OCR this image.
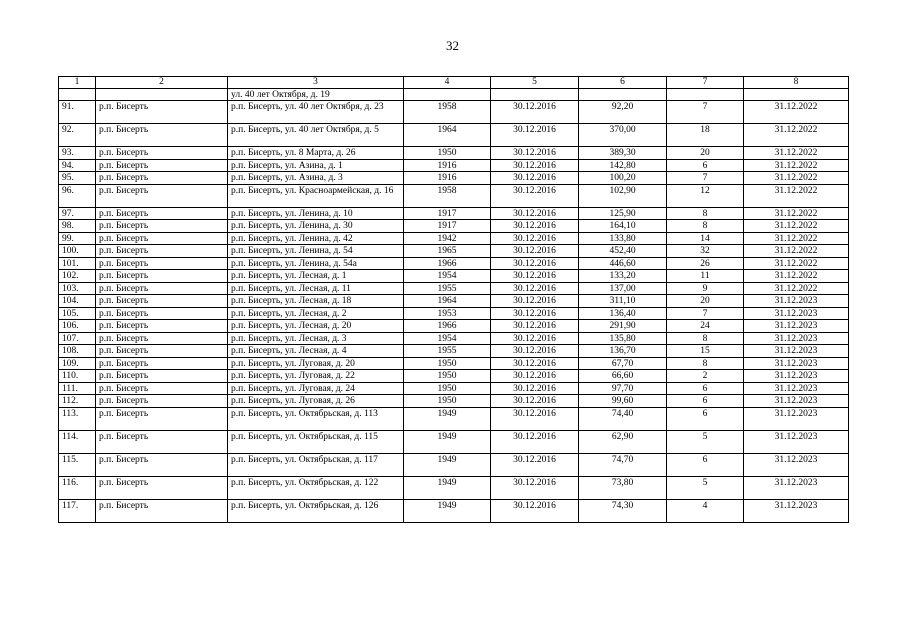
32
1	2	3	4	5	6	7	8
		ул. 40 лет Октября, д. 19					
91.	р.п. Бисерть	р.п. Бисерть, ул. 40 лет Октября, д. 23	1958	30.12.2016	92,20	7	31.12.2022
92.	р.п. Бисерть	р.п. Бисерть, ул. 40 лет Октября, д. 5	1964	30.12.2016	370,00	18	31.12.2022
93.	р.п. Бисерть	р.п. Бисерть, ул. 8 Марта, д. 26	1950	30.12.2016	389,30	20	31.12.2022
94.	р.п. Бисерть	р.п. Бисерть, ул. Азина, д. 1	1916	30.12.2016	142,80	6	31.12.2022
95.	р.п. Бисерть	р.п. Бисерть, ул. Азина, д. 3	1916	30.12.2016	100,20	7	31.12.2022
96.	р.п. Бисерть	р.п. Бисерть, ул. Красноармейская, д. 16	1958	30.12.2016	102,90	12	31.12.2022
97.	р.п. Бисерть	р.п. Бисерть, ул. Ленина, д. 10	1917	30.12.2016	125,90	8	31.12.2022
98.	р.п. Бисерть	р.п. Бисерть, ул. Ленина, д. 30	1917	30.12.2016	164,10	8	31.12.2022
99.	р.п. Бисерть	р.п. Бисерть, ул. Ленина, д. 42	1942	30.12.2016	133,80	14	31.12.2022
100.	р.п. Бисерть	р.п. Бисерть, ул. Ленина, д. 54	1965	30.12.2016	452,40	32	31.12.2022
101.	р.п. Бисерть	р.п. Бисерть, ул. Ленина, д. 54а	1966	30.12.2016	446,60	26	31.12.2022
102.	р.п. Бисерть	р.п. Бисерть, ул. Лесная, д. 1	1954	30.12.2016	133,20	11	31.12.2022
103.	р.п. Бисерть	р.п. Бисерть, ул. Лесная, д. 11	1955	30.12.2016	137,00	9	31.12.2022
104.	р.п. Бисерть	р.п. Бисерть, ул. Лесная, д. 18	1964	30.12.2016	311,10	20	31.12.2023
105.	р.п. Бисерть	р.п. Бисерть, ул. Лесная, д. 2	1953	30.12.2016	136,40	7	31.12.2023
106.	р.п. Бисерть	р.п. Бисерть, ул. Лесная, д. 20	1966	30.12.2016	291,90	24	31.12.2023
107.	р.п. Бисерть	р.п. Бисерть, ул. Лесная, д. 3	1954	30.12.2016	135,80	8	31.12.2023
108.	р.п. Бисерть	р.п. Бисерть, ул. Лесная, д. 4	1955	30.12.2016	136,70	15	31.12.2023
109.	р.п. Бисерть	р.п. Бисерть, ул. Луговая, д. 20	1950	30.12.2016	67,70	8	31.12.2023
110.	р.п. Бисерть	р.п. Бисерть, ул. Луговая, д. 22	1950	30.12.2016	66,60	2	31.12.2023
111.	р.п. Бисерть	р.п. Бисерть, ул. Луговая, д. 24	1950	30.12.2016	97,70	6	31.12.2023
112.	р.п. Бисерть	р.п. Бисерть, ул. Луговая, д. 26	1950	30.12.2016	99,60	6	31.12.2023
113.	р.п. Бисерть	р.п. Бисерть, ул. Октябрьская, д. 113	1949	30.12.2016	74,40	6	31.12.2023
114.	р.п. Бисерть	р.п. Бисерть, ул. Октябрьская, д. 115	1949	30.12.2016	62,90	5	31.12.2023
115.	р.п. Бисерть	р.п. Бисерть, ул. Октябрьская, д. 117	1949	30.12.2016	74,70	6	31.12.2023
116.	р.п. Бисерть	р.п. Бисерть, ул. Октябрьская, д. 122	1949	30.12.2016	73,80	5	31.12.2023
117.	р.п. Бисерть	р.п. Бисерть, ул. Октябрьская, д. 126	1949	30.12.2016	74,30	4	31.12.2023
